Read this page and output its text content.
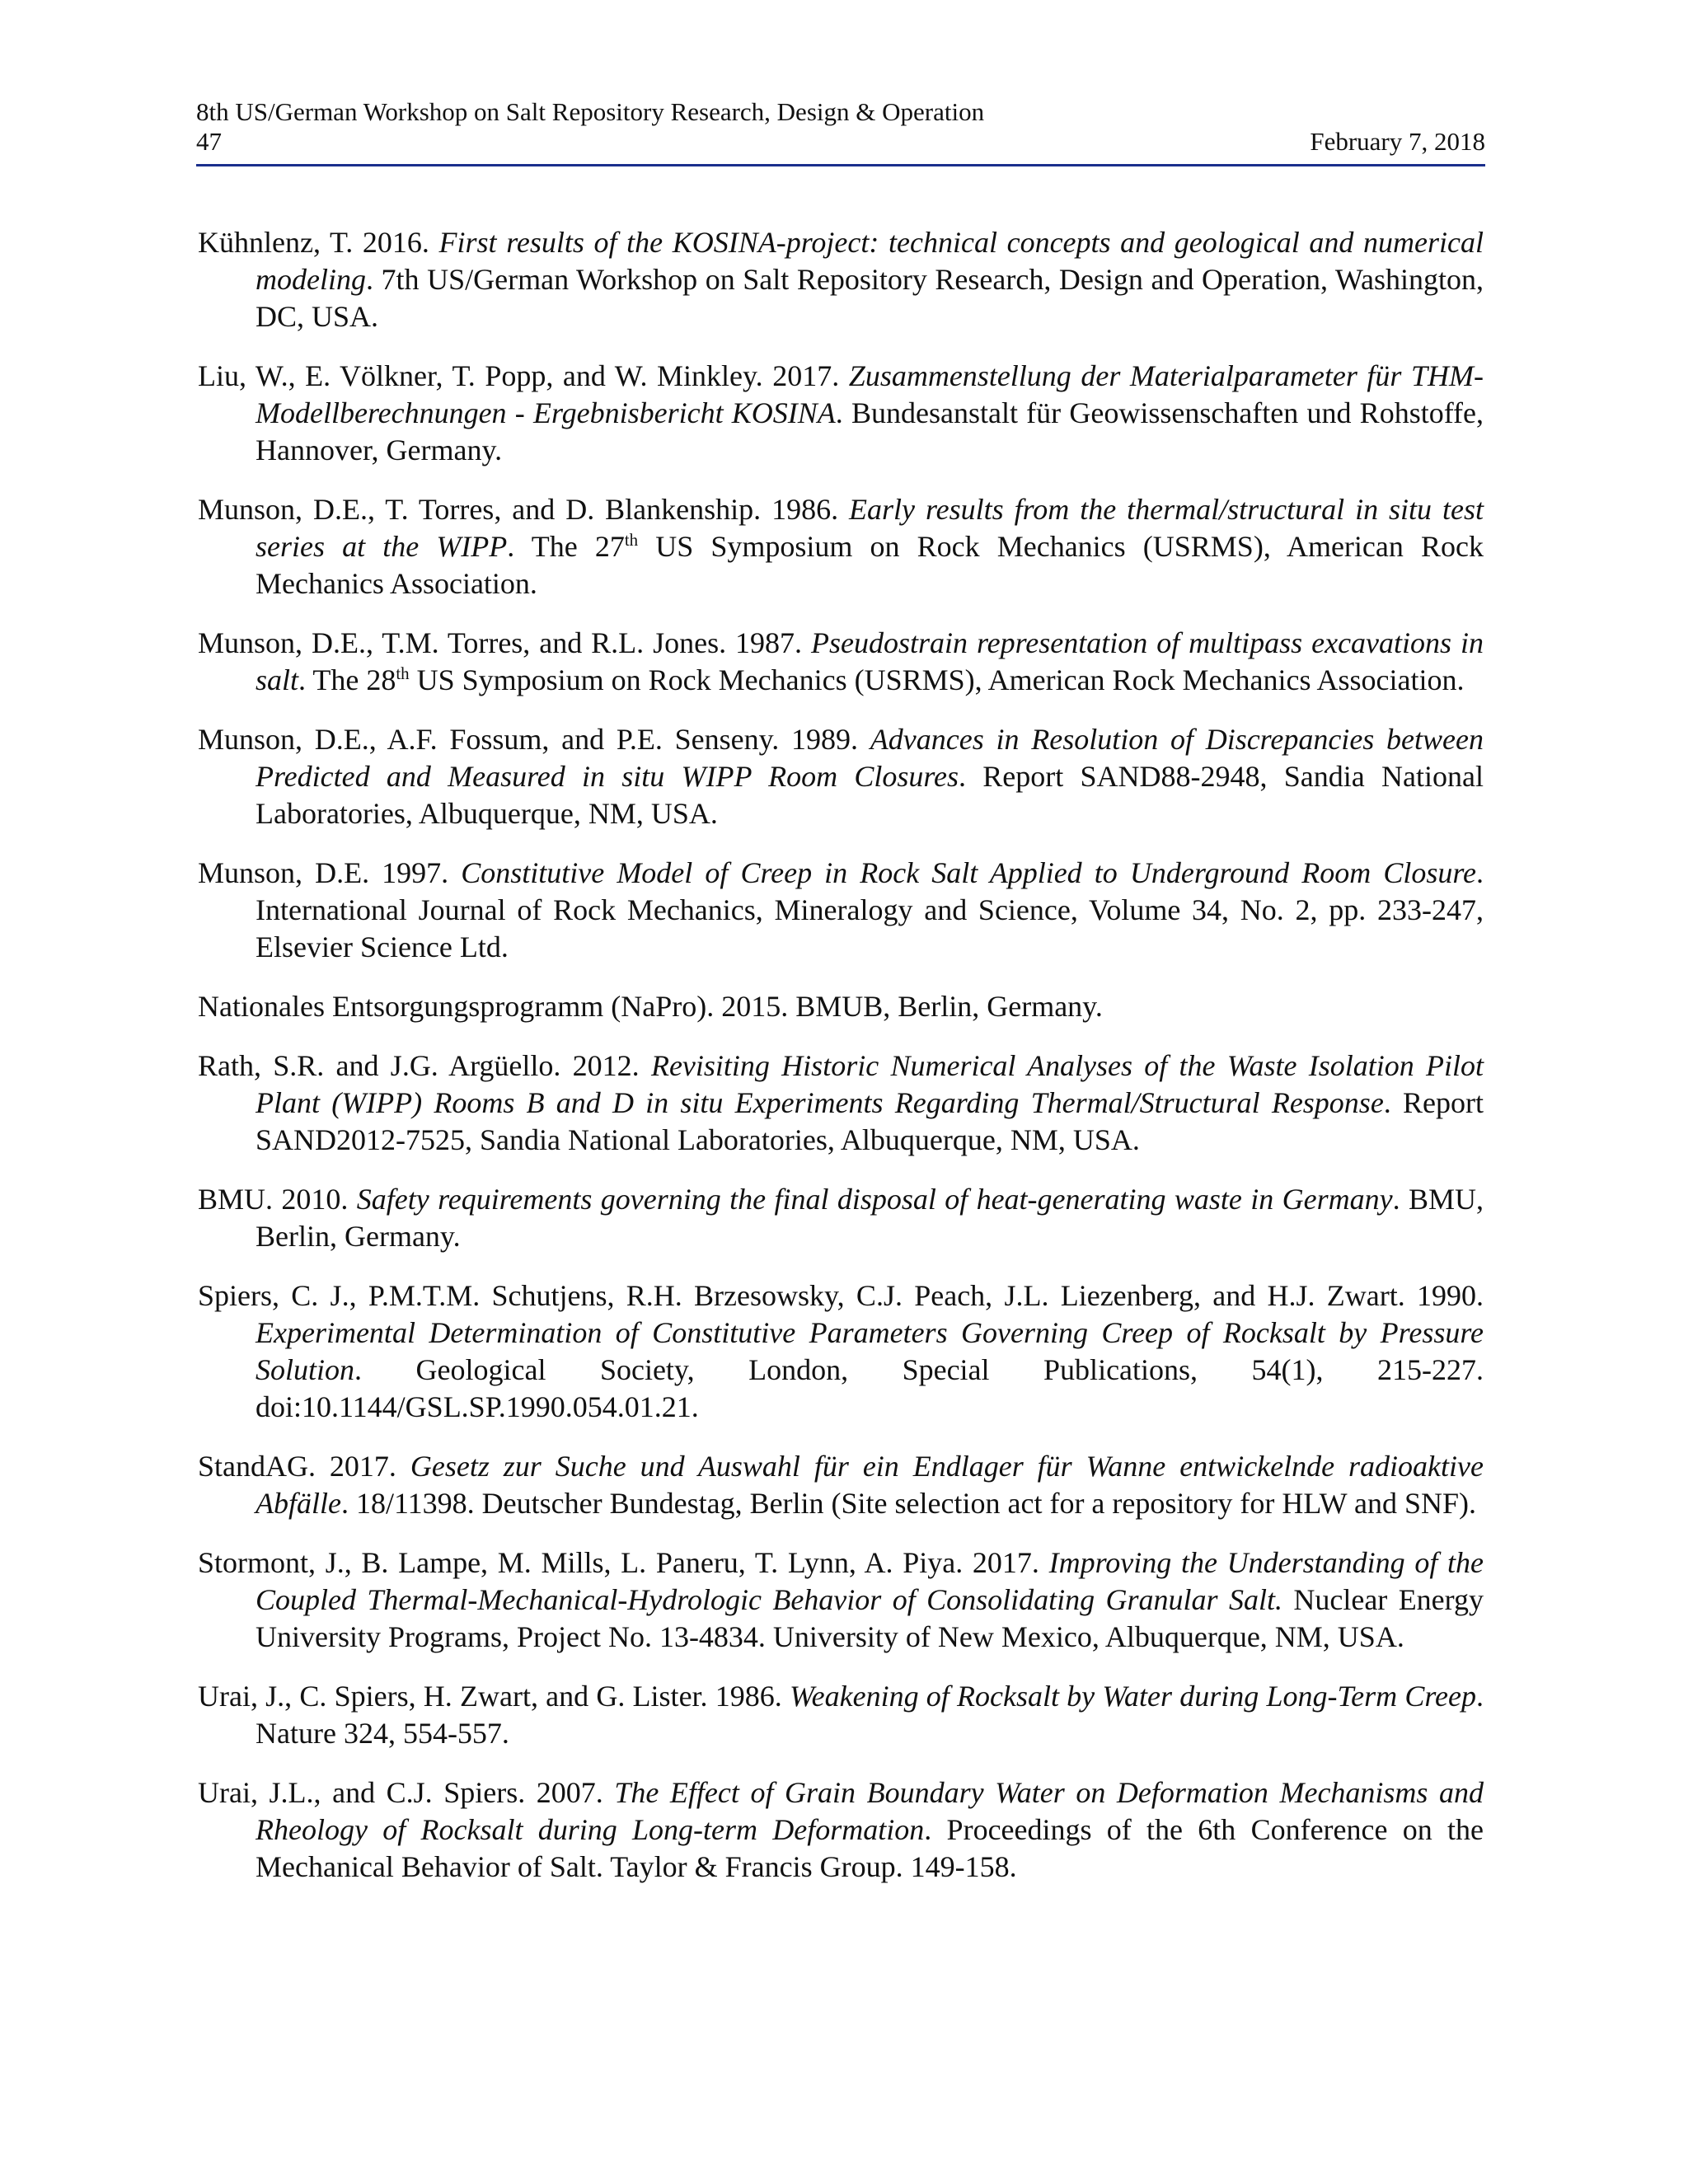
8th US/German Workshop on Salt Repository Research, Design & Operation
47	February 7, 2018

Kühnlenz, T. 2016. First results of the KOSINA-project: technical concepts and geological and numerical modeling. 7th US/German Workshop on Salt Repository Research, Design and Operation, Washington, DC, USA.

Liu, W., E. Völkner, T. Popp, and W. Minkley. 2017. Zusammenstellung der Materialparameter für THM-Modellberechnungen - Ergebnisbericht KOSINA. Bundesanstalt für Geowissenschaften und Rohstoffe, Hannover, Germany.

Munson, D.E., T. Torres, and D. Blankenship. 1986. Early results from the thermal/structural in situ test series at the WIPP. The 27th US Symposium on Rock Mechanics (USRMS), American Rock Mechanics Association.

Munson, D.E., T.M. Torres, and R.L. Jones. 1987. Pseudostrain representation of multipass excavations in salt. The 28th US Symposium on Rock Mechanics (USRMS), American Rock Mechanics Association.

Munson, D.E., A.F. Fossum, and P.E. Senseny. 1989. Advances in Resolution of Discrepancies between Predicted and Measured in situ WIPP Room Closures. Report SAND88-2948, Sandia National Laboratories, Albuquerque, NM, USA.

Munson, D.E. 1997. Constitutive Model of Creep in Rock Salt Applied to Underground Room Closure. International Journal of Rock Mechanics, Mineralogy and Science, Volume 34, No. 2, pp. 233-247, Elsevier Science Ltd.

Nationales Entsorgungsprogramm (NaPro). 2015. BMUB, Berlin, Germany.

Rath, S.R. and J.G. Argüello. 2012. Revisiting Historic Numerical Analyses of the Waste Isolation Pilot Plant (WIPP) Rooms B and D in situ Experiments Regarding Thermal/Structural Response. Report SAND2012-7525, Sandia National Laboratories, Albuquerque, NM, USA.

BMU. 2010. Safety requirements governing the final disposal of heat-generating waste in Germany. BMU, Berlin, Germany.

Spiers, C. J., P.M.T.M. Schutjens, R.H. Brzesowsky, C.J. Peach, J.L. Liezenberg, and H.J. Zwart. 1990. Experimental Determination of Constitutive Parameters Governing Creep of Rocksalt by Pressure Solution. Geological Society, London, Special Publications, 54(1), 215-227. doi:10.1144/GSL.SP.1990.054.01.21.

StandAG. 2017. Gesetz zur Suche und Auswahl für ein Endlager für Wanne entwickelnde radioaktive Abfälle. 18/11398. Deutscher Bundestag, Berlin (Site selection act for a repository for HLW and SNF).

Stormont, J., B. Lampe, M. Mills, L. Paneru, T. Lynn, A. Piya. 2017. Improving the Understanding of the Coupled Thermal-Mechanical-Hydrologic Behavior of Consolidating Granular Salt. Nuclear Energy University Programs, Project No. 13-4834. University of New Mexico, Albuquerque, NM, USA.

Urai, J., C. Spiers, H. Zwart, and G. Lister. 1986. Weakening of Rocksalt by Water during Long-Term Creep. Nature 324, 554-557.

Urai, J.L., and C.J. Spiers. 2007. The Effect of Grain Boundary Water on Deformation Mechanisms and Rheology of Rocksalt during Long-term Deformation. Proceedings of the 6th Conference on the Mechanical Behavior of Salt. Taylor & Francis Group. 149-158.
